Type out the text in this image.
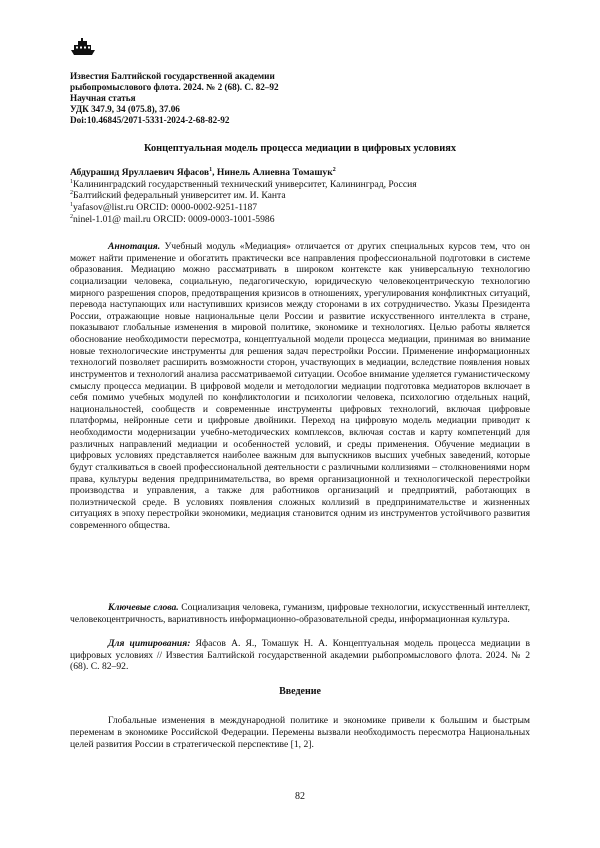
Известия Балтийской государственной академии
рыбопромыслового флота. 2024. № 2 (68). С. 82–92
Научная статья
УДК 347.9, 34 (075.8), 37.06
Doi:10.46845/2071-5331-2024-2-68-82-92
Концептуальная модель процесса медиации в цифровых условиях
Абдурашид Яруллаевич Яфасов$^1$, Нинель Алиевна Томашук$^2$
$^1$Калининградский государственный технический университет, Калининград, Россия
$^2$Балтийский федеральный университет им. И. Канта
$^1$yafasov@list.ru ORCID: 0000-0002-9251-1187
$^2$ninel-1.01@ mail.ru ORCID: 0009-0003-1001-5986
Аннотация. Учебный модуль «Медиация» отличается от других специальных курсов тем, что он может найти применение и обогатить практически все направления профессиональной подготовки в системе образования. Медиацию можно рассматривать в широком контексте как универсальную технологию социализации человека, социальную, педагогическую, юридическую человекоцентрическую технологию мирного разрешения споров, предотвращения кризисов в отношениях, урегулирования конфликтных ситуаций, перевода наступающих или наступивших кризисов между сторонами в их сотрудничество. Указы Президента России, отражающие новые национальные цели России и развитие искусственного интеллекта в стране, показывают глобальные изменения в мировой политике, экономике и технологиях. Целью работы является обоснование необходимости пересмотра, концептуальной модели процесса медиации, принимая во внимание новые технологические инструменты для решения задач перестройки России. Применение информационных технологий позволяет расширить возможности сторон, участвующих в медиации, вследствие появления новых инструментов и технологий анализа рассматриваемой ситуации. Особое внимание уделяется гуманистическому смыслу процесса медиации. В цифровой модели и методологии медиации подготовка медиаторов включает в себя помимо учебных модулей по конфликтологии и психологии человека, психологию отдельных наций, национальностей, сообществ и современные инструменты цифровых технологий, включая цифровые платформы, нейронные сети и цифровые двойники. Переход на цифровую модель медиации приводит к необходимости модернизации учебно-методических комплексов, включая состав и карту компетенций для различных направлений медиации и особенностей условий, и среды применения. Обучение медиации в цифровых условиях представляется наиболее важным для выпускников высших учебных заведений, которые будут сталкиваться в своей профессиональной деятельности с различными коллизиями – столкновениями норм права, культуры ведения предпринимательства, во время организационной и технологической перестройки производства и управления, а также для работников организаций и предприятий, работающих в полиэтнической среде. В условиях появления сложных коллизий в предпринимательстве и жизненных ситуациях в эпоху перестройки экономики, медиация становится одним из инструментов устойчивого развития современного общества.
Ключевые слова. Социализация человека, гуманизм, цифровые технологии, искусственный интеллект, человекоцентричность, вариативность информационно-образовательной среды, информационная культура.
Для цитирования: Яфасов А. Я., Томашук Н. А. Концептуальная модель процесса медиации в цифровых условиях // Известия Балтийской государственной академии рыбопромыслового флота. 2024. № 2 (68). С. 82–92.
Введение
Глобальные изменения в международной политике и экономике привели к большим и быстрым переменам в экономике Российской Федерации. Перемены вызвали необходимость пересмотра Национальных целей развития России в стратегической перспективе [1, 2].
82
